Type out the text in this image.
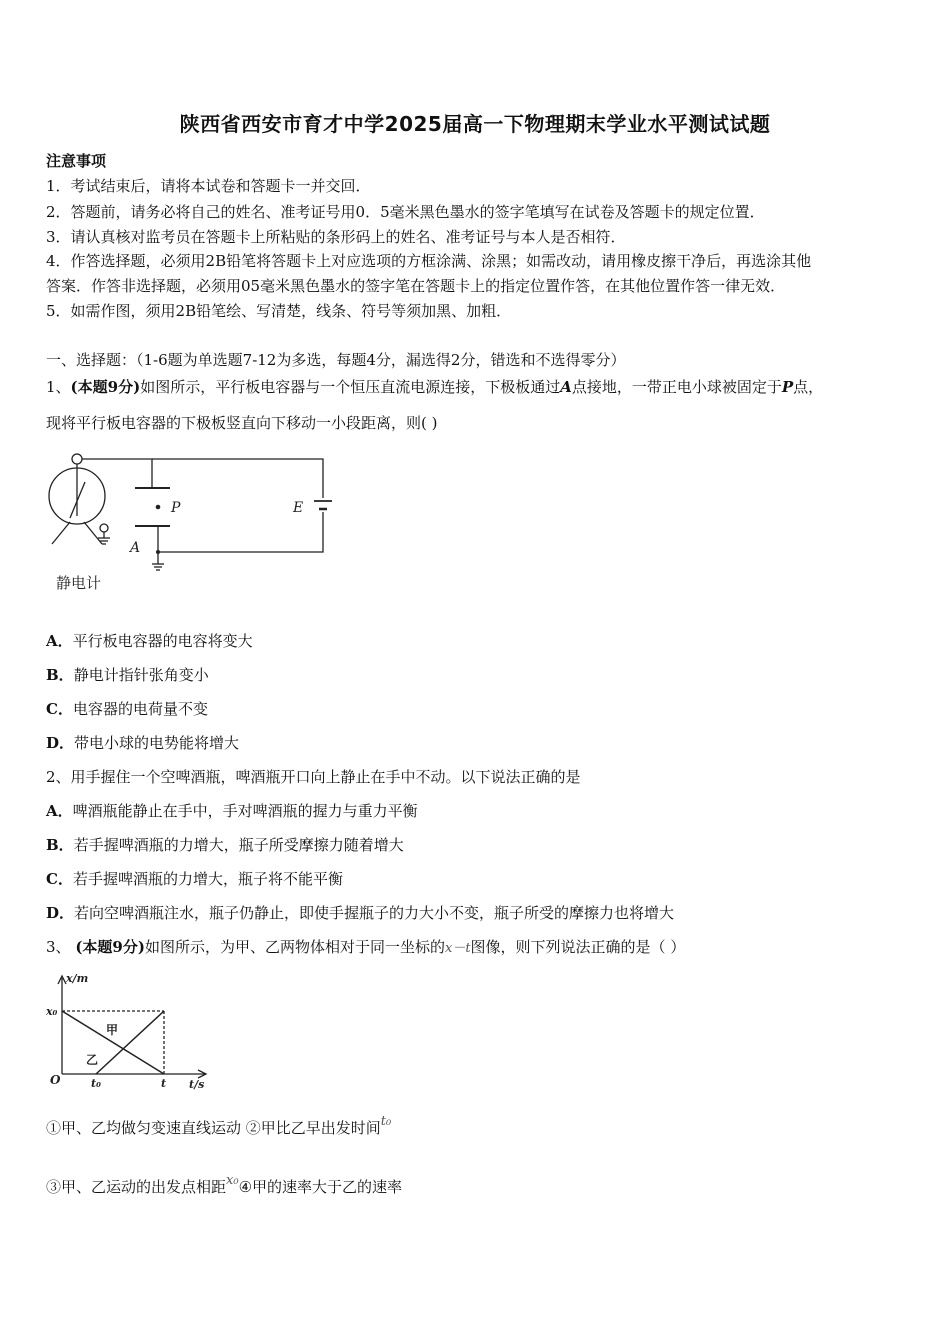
陕西省西安市育才中学2025届高一下物理期末学业水平测试试题
注意事项
1．考试结束后，请将本试卷和答题卡一并交回．
2．答题前，请务必将自己的姓名、准考证号用0．5毫米黑色墨水的签字笔填写在试卷及答题卡的规定位置．
3．请认真核对监考员在答题卡上所粘贴的条形码上的姓名、准考证号与本人是否相符．
4．作答选择题，必须用2B铅笔将答题卡上对应选项的方框涂满、涂黑；如需改动，请用橡皮擦干净后，再选涂其他
答案．作答非选择题，必须用05毫米黑色墨水的签字笔在答题卡上的指定位置作答，在其他位置作答一律无效．
5．如需作图，须用2B铅笔绘、写清楚，线条、符号等须加黑、加粗．
一、选择题：（1-6题为单选题7-12为多选，每题4分，漏选得2分，错选和不选得零分）
1、(本题9分)如图所示，平行板电容器与一个恒压直流电源连接，下极板通过A点接地，一带正电小球被固定于P点，
现将平行板电容器的下极板竖直向下移动一小段距离，则( )
P	E
A
静电计
A．平行板电容器的电容将变大
B．静电计指针张角变小
C．电容器的电荷量不变
D．带电小球的电势能将增大
2、用手握住一个空啤酒瓶，啤酒瓶开口向上静止在手中不动。以下说法正确的是
A．啤酒瓶能静止在手中，手对啤酒瓶的握力与重力平衡
B．若手握啤酒瓶的力增大，瓶子所受摩擦力随着增大
C．若手握啤酒瓶的力增大，瓶子将不能平衡
D．若向空啤酒瓶注水，瓶子仍静止，即使手握瓶子的力大小不变，瓶子所受的摩擦力也将增大
3、 (本题9分)如图所示，为甲、乙两物体相对于同一坐标的x－t图像，则下列说法正确的是（ ）
x/m
t/s
x₀
O	t₀	t
甲
乙
①甲、乙均做匀变速直线运动 ②甲比乙早出发时间t₀
③甲、乙运动的出发点相距x₀④甲的速率大于乙的速率
